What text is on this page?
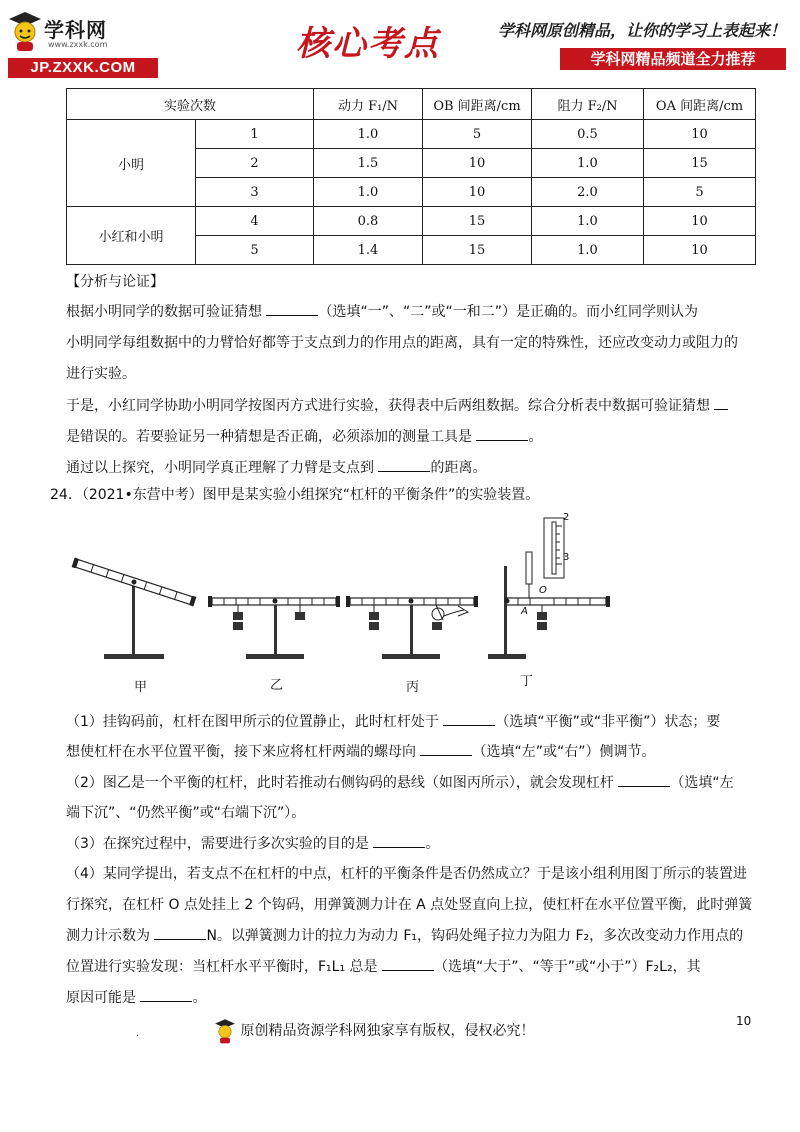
学科网
www.zxxk.com
JP.ZXXK.COM
核心考点	学科网原创精品，让你的学习上表起来！
学科网精品频道全力推荐
实验次数		动力 F₁/N	OB 间距离/cm	阻力 F₂/N	OA 间距离/cm
小明	1	1.0	5	0.5	10
	2	1.5	10	1.0	15
	3	1.0	10	2.0	5
小红和小明	4	0.8	15	1.0	10
	5	1.4	15	1.0	10
【分析与论证】
根据小明同学的数据可验证猜想	（选填“一”、“二”或“一和二”）是正确的。而小红同学则认为
小明同学每组数据中的力臂恰好都等于支点到力的作用点的距离，具有一定的特殊性，还应改变动力或阻力的
进行实验。
于是，小红同学协助小明同学按图丙方式进行实验，获得表中后两组数据。综合分析表中数据可验证猜想
是错误的。若要验证另一种猜想是否正确，必须添加的测量工具是	。
通过以上探究，小明同学真正理解了力臂是支点到	的距离。
24．（2021•东营中考）图甲是某实验小组探究“杠杆的平衡条件”的实验装置。
甲	乙	丙	丁
2
3
O
A
（1）挂钩码前，杠杆在图甲所示的位置静止，此时杠杆处于	（选填“平衡”或“非平衡”）状态；要
想使杠杆在水平位置平衡，接下来应将杠杆两端的螺母向	（选填“左”或“右”）侧调节。
（2）图乙是一个平衡的杠杆，此时若推动右侧钩码的悬线（如图丙所示），就会发现杠杆	（选填“左
端下沉”、“仍然平衡”或“右端下沉”）。
（3）在探究过程中，需要进行多次实验的目的是	。
（4）某同学提出，若支点不在杠杆的中点，杠杆的平衡条件是否仍然成立？于是该小组利用图丁所示的装置进
行探究，在杠杆 O 点处挂上 2 个钩码，用弹簧测力计在 A 点处竖直向上拉，使杠杆在水平位置平衡，此时弹簧
测力计示数为	N。以弹簧测力计的拉力为动力 F₁，钩码处绳子拉力为阻力 F₂，多次改变动力作用点的
位置进行实验发现：当杠杆水平平衡时，F₁L₁ 总是	（选填“大于”、“等于”或“小于”）F₂L₂，其
原因可能是	。
10
.	原创精品资源学科网独家享有版权，侵权必究！
